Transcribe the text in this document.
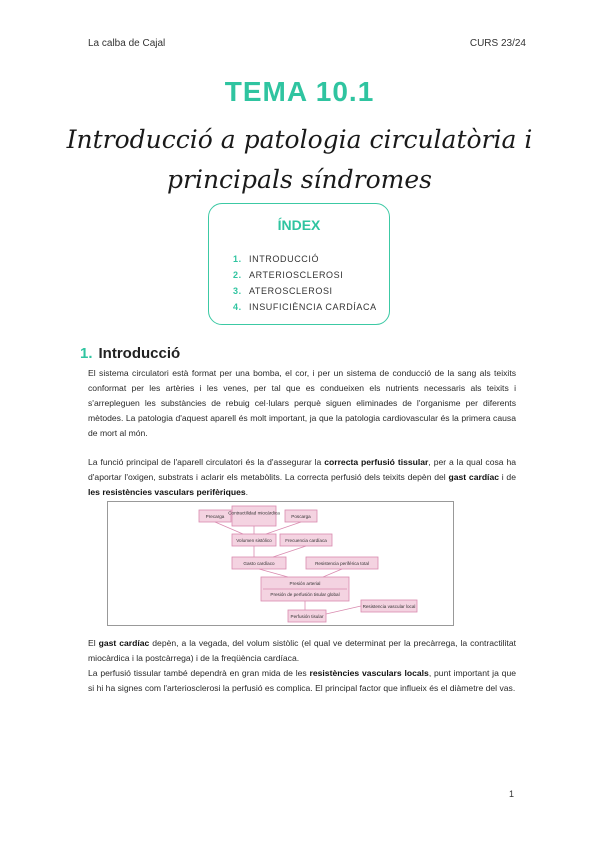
La calba de Cajal	CURS 23/24
TEMA 10.1
Introducció a patologia circulatòria i principals síndromes
ÍNDEX
1. INTRODUCCIÓ
2. ARTERIOSCLEROSI
3. ATEROSCLEROSI
4. INSUFICIÈNCIA CARDÍACA
1. Introducció
El sistema circulatori està format per una bomba, el cor, i per un sistema de conducció de la sang als teixits conformat per les artèries i les venes, per tal que es condueixen els nutrients necessaris als teixits i s'arrepleguen les substàncies de rebuig cel·lulars perquè siguen eliminades de l'organisme per diferents mètodes. La patologia d'aquest aparell és molt important, ja que la patologia cardiovascular és la primera causa de mort al món.
La funció principal de l'aparell circulatori és la d'assegurar la correcta perfusió tissular, per a la qual cosa ha d'aportar l'oxigen, substrats i aclarir els metabòlits. La correcta perfusió dels teixits depèn del gast cardíac i de les resistències vasculars perifèriques.
Precarga
Contractilidad miocárdica
Poscarga
Volumen sistólico	Frecuencia cardíaca
Gasto cardíaco	Resistencia periférica total
Presión arterial
Presión de perfusión tisular global
Resistencia vascular local
Perfusión tisular
El gast cardíac depèn, a la vegada, del volum sistòlic (el qual ve determinat per la precàrrega, la contractilitat miocàrdica i la postcàrrega) i de la freqüència cardíaca.
La perfusió tissular també dependrà en gran mida de les resistències vasculars locals, punt important ja que si hi ha signes com l'arteriosclerosi la perfusió es complica. El principal factor que influeix és el diàmetre del vas.
1
